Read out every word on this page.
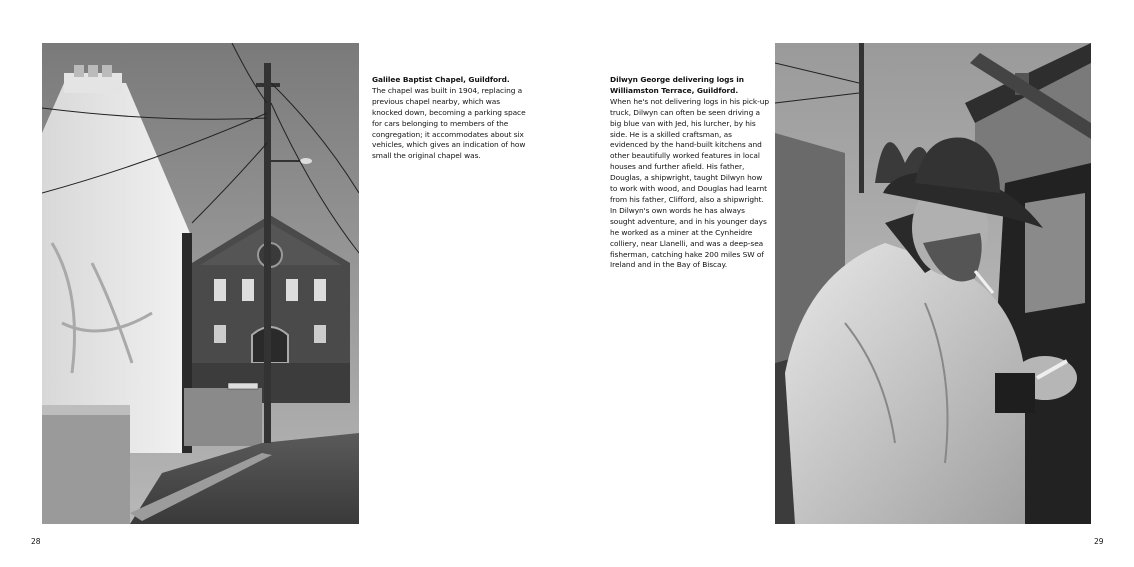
Galilee Baptist Chapel, Guildford.
The chapel was built in 1904, replacing a previous chapel nearby, which was knocked down, becoming a parking space for cars belonging to members of the congregation; it accommodates about six vehicles, which gives an indication of how small the original chapel was.
Dilwyn George delivering logs in Williamston Terrace, Guildford.
When he's not delivering logs in his pick-up truck, Dilwyn can often be seen driving a big blue van with Jed, his lurcher, by his side. He is a skilled craftsman, as evidenced by the hand-built kitchens and other beautifully worked features in local houses and further afield. His father, Douglas, a shipwright, taught Dilwyn how to work with wood, and Douglas had learnt from his father, Clifford, also a shipwright. In Dilwyn's own words he has always sought adventure, and in his younger days he worked as a miner at the Cynheidre colliery, near Llanelli, and was a deep-sea fisherman, catching hake 200 miles SW of Ireland and in the Bay of Biscay.
28	29
